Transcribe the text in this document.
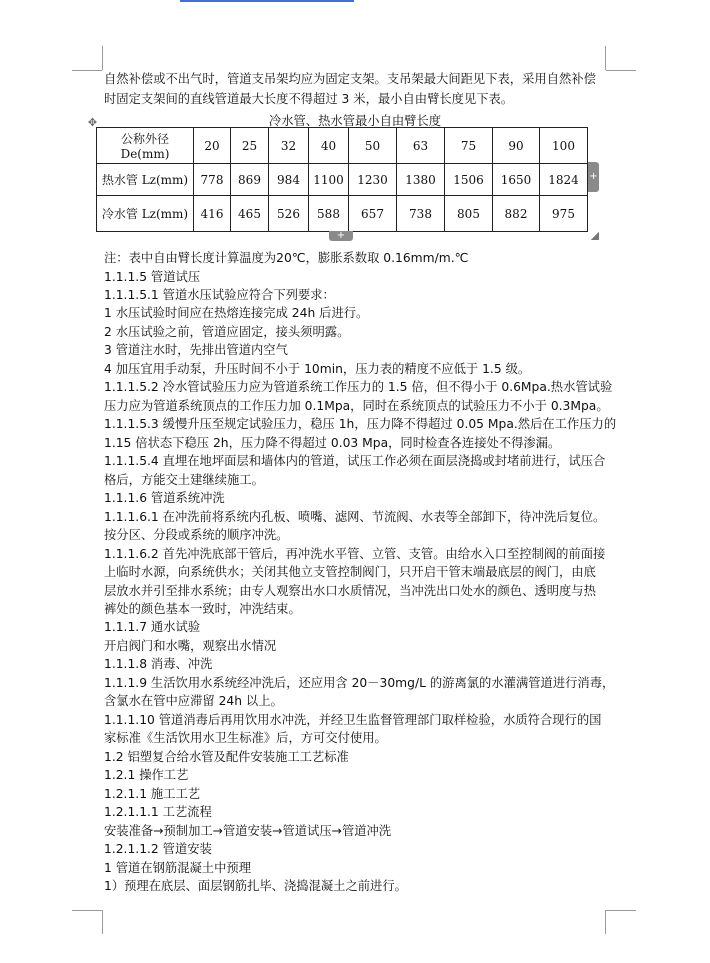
自然补偿或不出气时，管道支吊架均应为固定支架。支吊架最大间距见下表，采用自然补偿
时固定支架间的直线管道最大长度不得超过 3 米，最小自由臂长度见下表。
冷水管、热水管最小自由臂长度
✥
公称外径
De(mm)	20	25	32	40	50	63	75	90	100
热水管 Lz(mm)	778	869	984	1100	1230	1380	1506	1650	1824
冷水管 Lz(mm)	416	465	526	588	657	738	805	882	975
+
+
注：表中自由臂长度计算温度为20℃，膨胀系数取 0.16mm/m.℃
1.1.1.5 管道试压
1.1.1.5.1 管道水压试验应符合下列要求：
1 水压试验时间应在热熔连接完成 24h 后进行。
2 水压试验之前，管道应固定，接头须明露。
3 管道注水时，先排出管道内空气
4 加压宜用手动泵，升压时间不小于 10min，压力表的精度不应低于 1.5 级。
1.1.1.5.2 冷水管试验压力应为管道系统工作压力的 1.5 倍，但不得小于 0.6Mpa.热水管试验
压力应为管道系统顶点的工作压力加 0.1Mpa，同时在系统顶点的试验压力不小于 0.3Mpa。
1.1.1.5.3 缓慢升压至规定试验压力，稳压 1h，压力降不得超过 0.05 Mpa.然后在工作压力的
1.15 倍状态下稳压 2h，压力降不得超过 0.03 Mpa，同时检查各连接处不得渗漏。
1.1.1.5.4 直埋在地坪面层和墙体内的管道，试压工作必须在面层浇捣或封堵前进行，试压合
格后，方能交土建继续施工。
1.1.1.6 管道系统冲洗
1.1.1.6.1 在冲洗前将系统内孔板、喷嘴、滤网、节流阀、水表等全部卸下，待冲洗后复位。
按分区、分段或系统的顺序冲洗。
1.1.1.6.2 首先冲洗底部干管后，再冲洗水平管、立管、支管。由给水入口至控制阀的前面接
上临时水源，向系统供水；关闭其他立支管控制阀门，只开启干管末端最底层的阀门，由底
层放水并引至排水系统；由专人观察出水口水质情况，当冲洗出口处水的颜色、透明度与热
裤处的颜色基本一致时，冲洗结束。
1.1.1.7 通水试验
开启阀门和水嘴，观察出水情况
1.1.1.8 消毒、冲洗
1.1.1.9 生活饮用水系统经冲洗后，还应用含 20－30mg/L 的游离氯的水灌满管道进行消毒，
含氯水在管中应滞留 24h 以上。
1.1.1.10 管道消毒后再用饮用水冲洗，并经卫生监督管理部门取样检验，水质符合现行的国
家标准《生活饮用水卫生标准》后，方可交付使用。
1.2 铝塑复合给水管及配件安装施工工艺标准
1.2.1 操作工艺
1.2.1.1 施工工艺
1.2.1.1.1 工艺流程
安装准备→预制加工→管道安装→管道试压→管道冲洗
1.2.1.1.2 管道安装
1 管道在钢筋混凝土中预理
1）预理在底层、面层钢筋扎毕、浇捣混凝土之前进行。
